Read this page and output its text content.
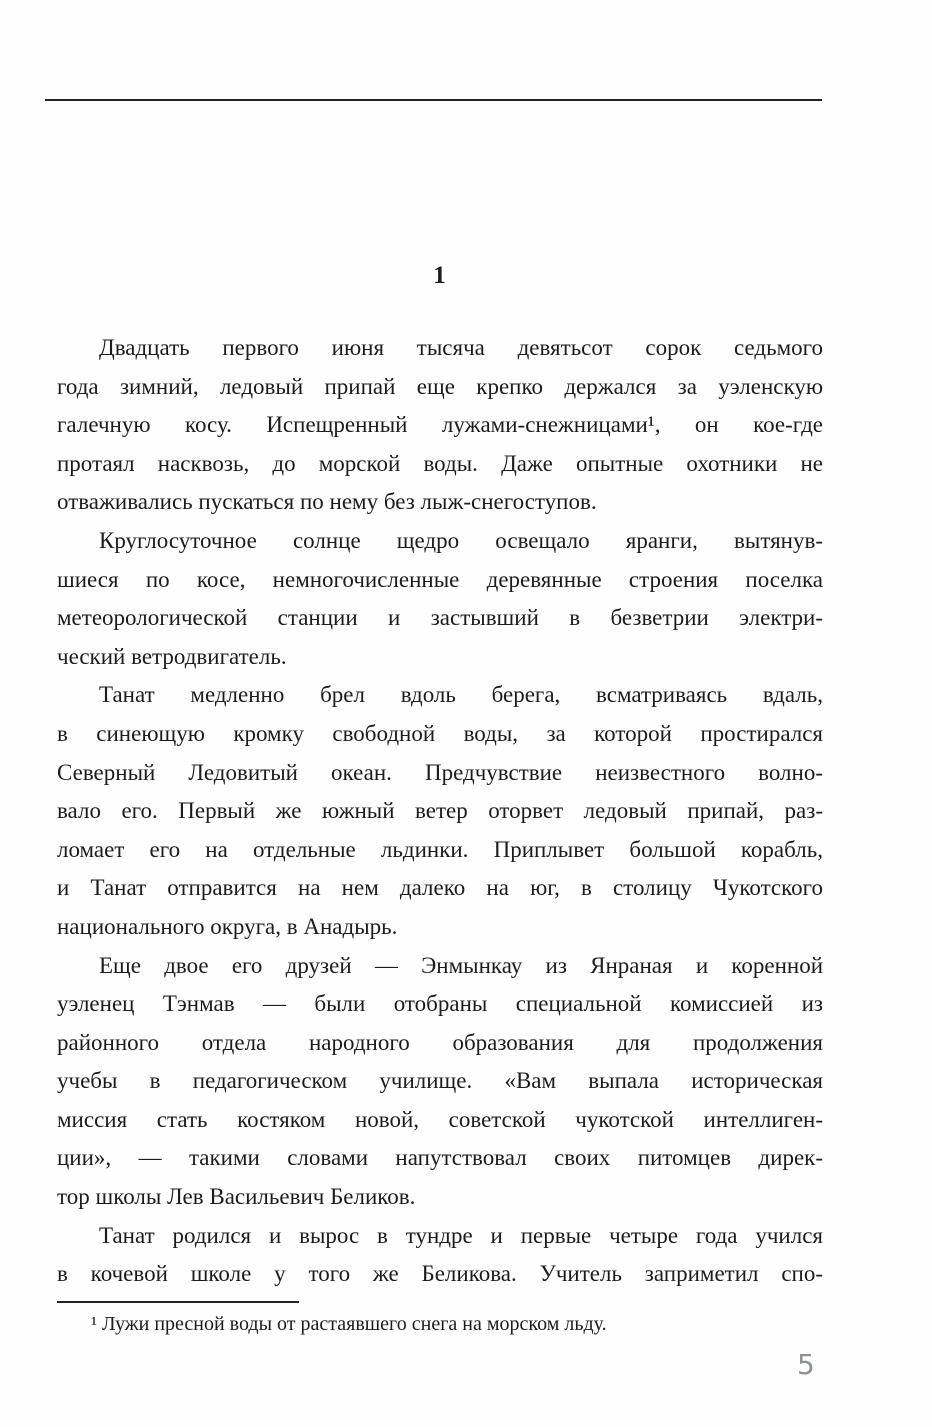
1
Двадцать первого июня тысяча девятьсот сорок седьмого
года зимний, ледовый припай еще крепко держался за уэленскую
галечную косу. Испещренный лужами-снежницами¹, он кое-где
протаял насквозь, до морской воды. Даже опытные охотники не
отваживались пускаться по нему без лыж-снегоступов.
Круглосуточное солнце щедро освещало яранги, вытянув-
шиеся по косе, немногочисленные деревянные строения поселка
метеорологической станции и застывший в безветрии электри-
ческий ветродвигатель.
Танат медленно брел вдоль берега, всматриваясь вдаль,
в синеющую кромку свободной воды, за которой простирался
Северный Ледовитый океан. Предчувствие неизвестного волно-
вало его. Первый же южный ветер оторвет ледовый припай, раз-
ломает его на отдельные льдинки. Приплывет большой корабль,
и Танат отправится на нем далеко на юг, в столицу Чукотского
национального округа, в Анадырь.
Еще двое его друзей — Энмынкау из Янраная и коренной
уэленец Тэнмав — были отобраны специальной комиссией из
районного отдела народного образования для продолжения
учебы в педагогическом училище. «Вам выпала историческая
миссия стать костяком новой, советской чукотской интеллиген-
ции», — такими словами напутствовал своих питомцев дирек-
тор школы Лев Васильевич Беликов.
Танат родился и вырос в тундре и первые четыре года учился
в кочевой школе у того же Беликова. Учитель заприметил спо-
¹ Лужи пресной воды от растаявшего снега на морском льду.
5
